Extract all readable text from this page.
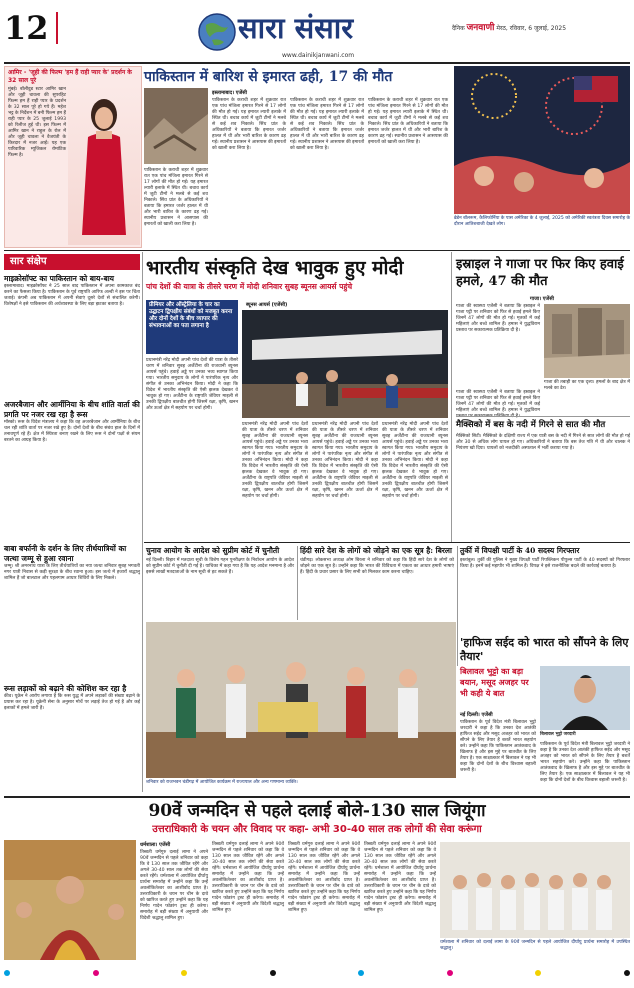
12	सारा संसार
www.dainikjanwani.com
दैनिक जनवाणी मेरठ, रविवार, 6 जुलाई, 2025
आमिर - 'जूही की फिल्म 'हम हैं राही प्यार के' प्रदर्शन के 32 साल पूरे
मुंबई। बॉलीवुड स्टार आमिर खान और जूही चावला की सुपरहिट फिल्म हम हैं राही प्यार के प्रदर्शन के 32 साल पूरे हो गये हैं। महेश भट्ट के निर्देशन में बनी फिल्म हम हैं राही प्यार के 25 जुलाई 1993 को रिलीज हुई थी। इस फिल्म में आमिर खान ने राहुल के रोल में और जूही चावला ने वैजयंती के किरदार में नजर आईं। यह एक पारिवारिक म्यूजिकल रोमांटिक फिल्म है।
पाकिस्तान में बारिश से इमारत ढही, 17 की मौत
इस्लामाबाद। एजेंसी
पाकिस्तान के कराची शहर में शुक्रवार रात एक पांच मंजिला इमारत गिरने से 17 लोगों की मौत हो गई। यह इमारत ल्यारी इलाके में स्थित थी। बचाव कार्य में जुटी टीमों ने मलबे से कई शव निकाले। सिंध प्रांत के अधिकारियों ने बताया कि इमारत जर्जर हालत में थी और भारी बारिश के कारण ढह गई। स्थानीय प्रशासन ने आसपास की इमारतों को खाली करा लिया है।
पाकिस्तान के कराची शहर में शुक्रवार रात एक पांच मंजिला इमारत गिरने से 17 लोगों की मौत हो गई। यह इमारत ल्यारी इलाके में स्थित थी। बचाव कार्य में जुटी टीमों ने मलबे से कई शव निकाले। सिंध प्रांत के अधिकारियों ने बताया कि इमारत जर्जर हालत में थी और भारी बारिश के कारण ढह गई। स्थानीय प्रशासन ने आसपास की इमारतों को खाली करा लिया है।
पाकिस्तान के कराची शहर में शुक्रवार रात एक पांच मंजिला इमारत गिरने से 17 लोगों की मौत हो गई। यह इमारत ल्यारी इलाके में स्थित थी। बचाव कार्य में जुटी टीमों ने मलबे से कई शव निकाले। सिंध प्रांत के अधिकारियों ने बताया कि इमारत जर्जर हालत में थी और भारी बारिश के कारण ढह गई। स्थानीय प्रशासन ने आसपास की इमारतों को खाली करा लिया है।
पाकिस्तान के कराची शहर में शुक्रवार रात एक पांच मंजिला इमारत गिरने से 17 लोगों की मौत हो गई। यह इमारत ल्यारी इलाके में स्थित थी। बचाव कार्य में जुटी टीमों ने मलबे से कई शव निकाले। सिंध प्रांत के अधिकारियों ने बताया कि इमारत जर्जर हालत में थी और भारी बारिश के कारण ढह गई। स्थानीय प्रशासन ने आसपास की इमारतों को खाली करा लिया है।
ब्रेडेन बॉलरूम, कैलिफोर्निया के पास अमेरिका के 4 जुलाई, 2025 को अमेरिकी स्वतंत्रता दिवस समारोह के दौरान आतिशबाजी देखते लोग।
सार संक्षेप
माइक्रोसॉफ्ट का पाकिस्तान को बाय-बाय
इस्लामाबाद। माइक्रोसॉफ्ट ने 25 साल बाद पाकिस्तान में अपना कामकाज बंद करने का फैसला किया है। पाकिस्तान के पूर्व राष्ट्रपति आरिफ अल्वी ने इस पर चिंता जताई। कंपनी अब पाकिस्तान में अपनी सेवाएं दूसरे देशों से संचालित करेगी। विशेषज्ञों ने इसे पाकिस्तान की अर्थव्यवस्था के लिए बड़ा झटका बताया है।
अजरबैजान और आर्मीनिया के बीच शांति वार्ता की प्रगति पर नजर रख रहा है रूस
मॉस्को। रूस के विदेश मंत्रालय ने कहा कि वह अजरबैजान और आर्मीनिया के बीच चल रही शांति वार्ता पर नजर रखे हुए है। दोनों देशों के बीच संबंध हाल के दिनों में तनावपूर्ण रहे हैं। क्षेत्र में स्थिरता बनाए रखने के लिए रूस ने दोनों पक्षों से संयम बरतने का आग्रह किया है।
बाबा बर्फानी के दर्शन के लिए तीर्थयात्रियों का जत्था जम्मू से हुआ रवाना
जम्मू। श्री अमरनाथ यात्रा के लिए तीर्थयात्रियों का नया जत्था शनिवार सुबह भगवती नगर यात्री निवास से कड़ी सुरक्षा के बीच रवाना हुआ। इस जत्थे में हजारों श्रद्धालु शामिल हैं जो बालटाल और पहलगाम आधार शिविरों के लिए निकले।
रूस लड़ाकों को बढ़ाने की कोशिश कर रहा है
कीव। यूक्रेन ने आरोप लगाया है कि रूस युद्ध में अपने लड़ाकों की संख्या बढ़ाने के प्रयास कर रहा है। यूक्रेनी सेना के अनुसार मोर्चे पर लड़ाई तेज हो गई है और कई इलाकों में हमले जारी हैं।
भारतीय संस्कृति देख भावुक हुए मोदी
पांच देशों की यात्रा के तीसरे चरण में मोदी शनिवार सुबह ब्यूनस आयर्स पहुंचे
प्रीमियर और ऑस्ट्रेलिया के चार का उद्घाटन द्विपक्षीय संबंधों को मजबूत करना और दोनों देशों के बीच व्यापार की संभावनाओं का पता लगाना है
ब्यूनस आयर्स (एजेंसी)
प्रधानमंत्री नरेंद्र मोदी अपनी पांच देशों की यात्रा के तीसरे चरण में शनिवार सुबह अर्जेंटीना की राजधानी ब्यूनस आयर्स पहुंचे। हवाई अड्डे पर उनका भव्य स्वागत किया गया। भारतीय समुदाय के लोगों ने पारंपरिक नृत्य और संगीत से उनका अभिनंदन किया। मोदी ने कहा कि विदेश में भारतीय संस्कृति की ऐसी झलक देखकर वे भावुक हो गए। अर्जेंटीना के राष्ट्रपति जेवियर माइली से उनकी द्विपक्षीय बातचीत होगी जिसमें रक्षा, कृषि, खनन और ऊर्जा क्षेत्र में सहयोग पर चर्चा होगी।
प्रधानमंत्री नरेंद्र मोदी अपनी पांच देशों की यात्रा के तीसरे चरण में शनिवार सुबह अर्जेंटीना की राजधानी ब्यूनस आयर्स पहुंचे। हवाई अड्डे पर उनका भव्य स्वागत किया गया। भारतीय समुदाय के लोगों ने पारंपरिक नृत्य और संगीत से उनका अभिनंदन किया। मोदी ने कहा कि विदेश में भारतीय संस्कृति की ऐसी झलक देखकर वे भावुक हो गए। अर्जेंटीना के राष्ट्रपति जेवियर माइली से उनकी द्विपक्षीय बातचीत होगी जिसमें रक्षा, कृषि, खनन और ऊर्जा क्षेत्र में सहयोग पर चर्चा होगी।
प्रधानमंत्री नरेंद्र मोदी अपनी पांच देशों की यात्रा के तीसरे चरण में शनिवार सुबह अर्जेंटीना की राजधानी ब्यूनस आयर्स पहुंचे। हवाई अड्डे पर उनका भव्य स्वागत किया गया। भारतीय समुदाय के लोगों ने पारंपरिक नृत्य और संगीत से उनका अभिनंदन किया। मोदी ने कहा कि विदेश में भारतीय संस्कृति की ऐसी झलक देखकर वे भावुक हो गए। अर्जेंटीना के राष्ट्रपति जेवियर माइली से उनकी द्विपक्षीय बातचीत होगी जिसमें रक्षा, कृषि, खनन और ऊर्जा क्षेत्र में सहयोग पर चर्चा होगी।
प्रधानमंत्री नरेंद्र मोदी अपनी पांच देशों की यात्रा के तीसरे चरण में शनिवार सुबह अर्जेंटीना की राजधानी ब्यूनस आयर्स पहुंचे। हवाई अड्डे पर उनका भव्य स्वागत किया गया। भारतीय समुदाय के लोगों ने पारंपरिक नृत्य और संगीत से उनका अभिनंदन किया। मोदी ने कहा कि विदेश में भारतीय संस्कृति की ऐसी झलक देखकर वे भावुक हो गए। अर्जेंटीना के राष्ट्रपति जेवियर माइली से उनकी द्विपक्षीय बातचीत होगी जिसमें रक्षा, कृषि, खनन और ऊर्जा क्षेत्र में सहयोग पर चर्चा होगी।
इस्राइल ने गाजा पर फिर किए हवाई हमले, 47 की मौत
गाजा। एजेंसी
गाजा की स्वास्थ्य एजेंसी ने बताया कि इस्राइल ने गाजा पट्टी पर शनिवार को फिर से हवाई हमले किए जिनमें 47 लोगों की मौत हो गई। मृतकों में कई महिलाएं और बच्चे शामिल हैं। हमास ने युद्धविराम प्रस्ताव पर सकारात्मक प्रतिक्रिया दी है।
गाजा की तबाही का एक दृश्य। हमलों के बाद क्षेत्र में मलबे का ढेर।
गाजा की स्वास्थ्य एजेंसी ने बताया कि इस्राइल ने गाजा पट्टी पर शनिवार को फिर से हवाई हमले किए जिनमें 47 लोगों की मौत हो गई। मृतकों में कई महिलाएं और बच्चे शामिल हैं। हमास ने युद्धविराम
मैक्सिको में बस के नदी में गिरने से सात की मौत
मैक्सिको सिटी। मैक्सिको के दक्षिणी राज्य में एक यात्री बस के नदी में गिरने से सात लोगों की मौत हो गई और 30 से अधिक लोग घायल हो गए। अधिकारियों ने बताया कि बस तेज गति में थी और चालक ने नियंत्रण खो दिया। घायलों को नजदीकी अस्पताल में भर्ती कराया गया है।
चुनाव आयोग के आदेश को सुप्रीम कोर्ट में चुनौती
नई दिल्ली। बिहार में मतदाता सूची के विशेष गहन पुनरीक्षण के निर्वाचन आयोग के आदेश को सुप्रीम कोर्ट में चुनौती दी गई है। याचिका में कहा गया है कि यह आदेश मनमाना है और इससे लाखों मतदाताओं के नाम सूची से हट सकते हैं।
हिंदी सारे देश के लोगों को जोड़ने का एक सूत्र है: बिरला
चंडीगढ़। लोकसभा अध्यक्ष ओम बिरला ने शनिवार को कहा कि हिंदी सारे देश के लोगों को जोड़ने का एक सूत्र है। उन्होंने कहा कि भारत की विविधता में एकता का आधार हमारी भाषाएं हैं। हिंदी के प्रचार प्रसार के लिए सभी को मिलकर काम करना चाहिए।
तुर्की में विपक्षी पार्टी के 40 सदस्य गिरफ्तार
इस्तांबुल। तुर्की की पुलिस ने मुख्य विपक्षी पार्टी रिपब्लिकन पीपुल्स पार्टी के 40 सदस्यों को गिरफ्तार किया है। इनमें कई महापौर भी शामिल हैं। विपक्ष ने इसे राजनीतिक बदले की कार्रवाई बताया है।
शनिवार को राजभवन चंडीगढ़ में आयोजित कार्यक्रम में राज्यपाल और अन्य गणमान्य व्यक्ति।
'हाफिज सईद को भारत को सौंपने के लिए तैयार'
बिलावल भुट्टो का बड़ा बयान, मसूद अजहर पर भी कही ये बात
नई दिल्ली। एजेंसी
पाकिस्तान के पूर्व विदेश मंत्री बिलावल भुट्टो जरदारी ने कहा है कि उनका देश आतंकी हाफिज सईद और मसूद अजहर को भारत को सौंपने के लिए तैयार है बशर्ते भारत सहयोग करे। उन्होंने कहा कि पाकिस्तान आतंकवाद के खिलाफ है और इस मुद्दे पर बातचीत के लिए तैयार है। एक साक्षात्कार में बिलावल ने यह भी कहा कि दोनों देशों के बीच विश्वास बहाली जरूरी है।
बिलावल भुट्टो जरदारी
पाकिस्तान के पूर्व विदेश मंत्री बिलावल भुट्टो जरदारी ने कहा है कि उनका देश आतंकी हाफिज सईद और मसूद अजहर को भारत को सौंपने के लिए तैयार है बशर्ते भारत सहयोग करे। उन्होंने कहा कि पाकिस्तान आतंकवाद के खिलाफ है और इस मुद्दे पर बातचीत के लिए तैयार है। एक साक्षात्कार में बिलावल ने यह भी कहा कि दोनों देशों के बीच विश्वास बहाली जरूरी है।
90वें जन्मदिन से पहले दलाई बोले-130 साल जियूंगा
उत्तराधिकारी के चयन और विवाद पर कहा- अभी 30-40 साल तक लोगों की सेवा करूंगा
धर्मशाला। एजेंसी
तिब्बती धर्मगुरु दलाई लामा ने अपने 90वें जन्मदिन से पहले शनिवार को कहा कि वे 130 साल तक जीवित रहेंगे और अगले 30-40 साल तक लोगों की सेवा करते रहेंगे। धर्मशाला में आयोजित दीर्घायु प्रार्थना समारोह में उन्होंने कहा कि उन्हें अवलोकितेश्वर का आशीर्वाद प्राप्त है। उत्तराधिकारी के चयन पर चीन के दावे को खारिज करते हुए उन्होंने कहा कि यह निर्णय गादेन फोडरंग ट्रस्ट ही करेगा। समारोह में बड़ी संख्या में अनुयायी और विदेशी श्रद्धालु शामिल हुए।
तिब्बती धर्मगुरु दलाई लामा ने अपने 90वें जन्मदिन से पहले शनिवार को कहा कि वे 130 साल तक जीवित रहेंगे और अगले 30-40 साल तक लोगों की सेवा करते रहेंगे। धर्मशाला में आयोजित दीर्घायु प्रार्थना समारोह में उन्होंने कहा कि उन्हें अवलोकितेश्वर का आशीर्वाद प्राप्त है। उत्तराधिकारी के चयन पर चीन के दावे को खारिज करते हुए उन्होंने कहा कि यह निर्णय गादेन फोडरंग ट्रस्ट ही करेगा। समारोह में बड़ी संख्या में अनुयायी और विदेशी श्रद्धालु शामिल हुए।
तिब्बती धर्मगुरु दलाई लामा ने अपने 90वें जन्मदिन से पहले शनिवार को कहा कि वे 130 साल तक जीवित रहेंगे और अगले 30-40 साल तक लोगों की सेवा करते रहेंगे। धर्मशाला में आयोजित दीर्घायु प्रार्थना समारोह में उन्होंने कहा कि उन्हें अवलोकितेश्वर का आशीर्वाद प्राप्त है। उत्तराधिकारी के चयन पर चीन के दावे को खारिज करते हुए उन्होंने कहा कि यह निर्णय गादेन फोडरंग ट्रस्ट ही करेगा। समारोह में बड़ी संख्या में अनुयायी और विदेशी श्रद्धालु शामिल हुए।
तिब्बती धर्मगुरु दलाई लामा ने अपने 90वें जन्मदिन से पहले शनिवार को कहा कि वे 130 साल तक जीवित रहेंगे और अगले 30-40 साल तक लोगों की सेवा करते रहेंगे। धर्मशाला में आयोजित दीर्घायु प्रार्थना समारोह में उन्होंने कहा कि उन्हें अवलोकितेश्वर का आशीर्वाद प्राप्त है। उत्तराधिकारी के चयन पर चीन के दावे को खारिज करते हुए उन्होंने कहा कि यह निर्णय गादेन फोडरंग ट्रस्ट ही करेगा। समारोह में बड़ी संख्या में अनुयायी और विदेशी श्रद्धालु शामिल हुए।
धर्मशाला में शनिवार को दलाई लामा के 90वें जन्मदिन से पहले आयोजित दीर्घायु प्रार्थना समारोह में उपस्थित श्रद्धालु।
